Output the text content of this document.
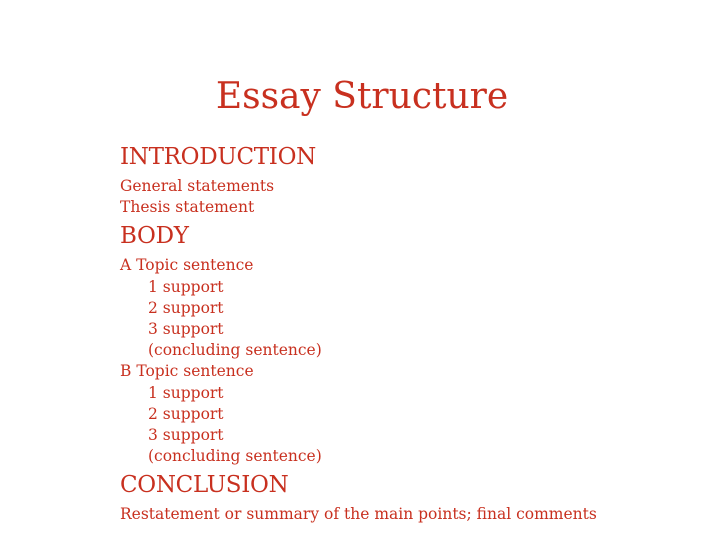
Essay Structure
INTRODUCTION
General statements
Thesis statement
BODY
A Topic sentence
1 support
2 support
3 support
(concluding sentence)
B Topic sentence
1 support
2 support
3 support
(concluding sentence)
CONCLUSION
Restatement or summary of the main points; final comments
